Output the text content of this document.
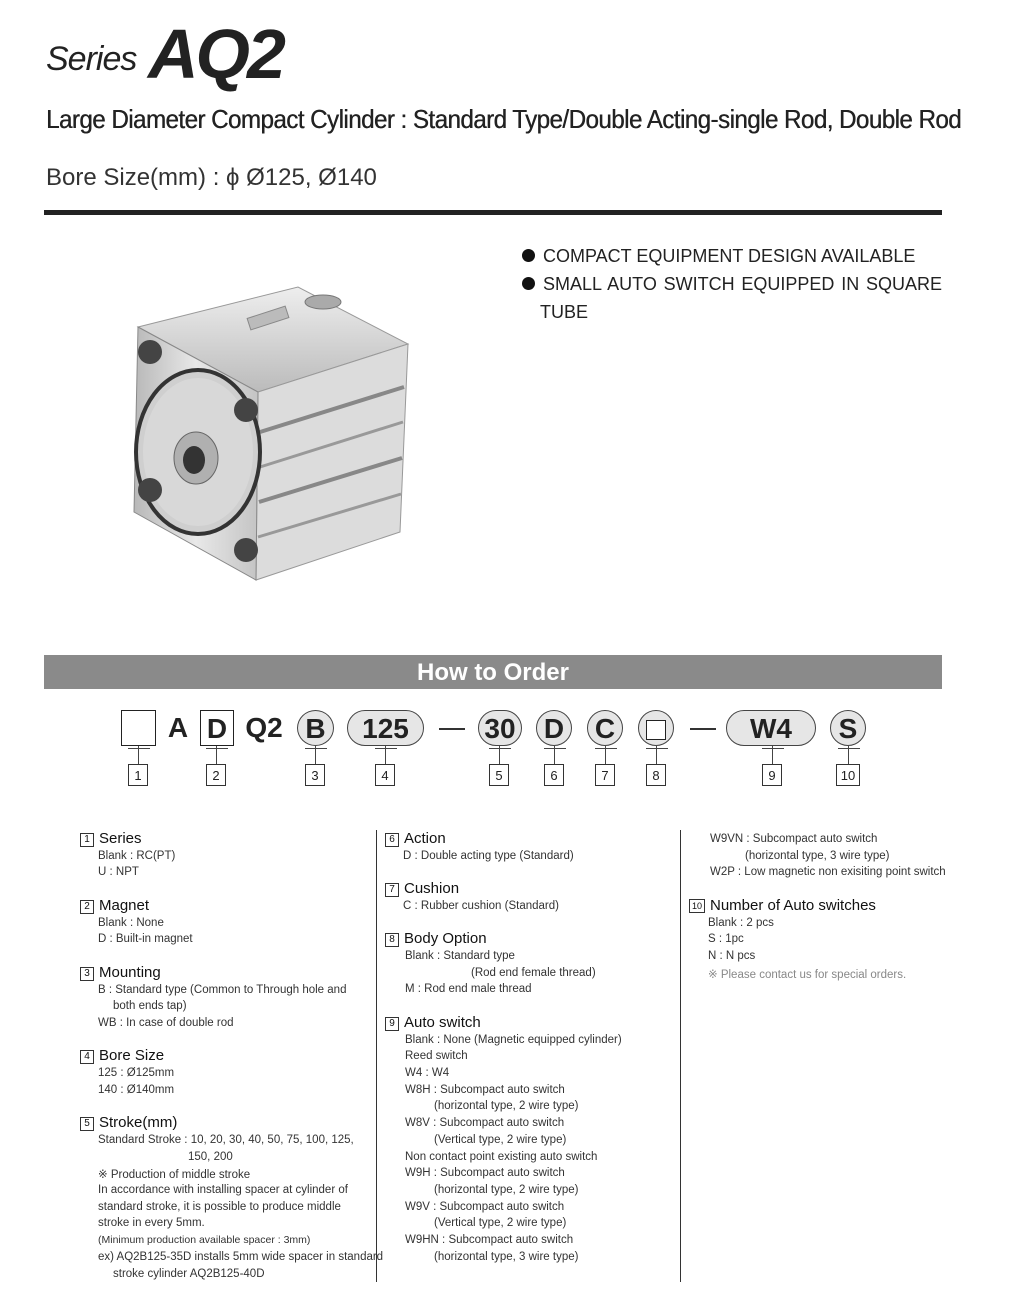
Series AQ2
Large Diameter Compact Cylinder : Standard Type/Double Acting-single Rod, Double Rod
Bore Size(mm) : ϕ Ø125, Ø140
COMPACT EQUIPMENT DESIGN AVAILABLE
SMALL AUTO SWITCH EQUIPPED IN SQUARE
TUBE
How to Order
A D Q2 B	125	30 D C	W4	S
1	2	3	4	5	6	7	8	9	10
1 Series
Blank : RC(PT)
U : NPT
2 Magnet
Blank : None
D : Built-in magnet
3 Mounting
B : Standard type (Common to Through hole and
both ends tap)
WB : In case of double rod
4 Bore Size
125 : Ø125mm
140 : Ø140mm
5 Stroke(mm)
Standard Stroke : 10, 20, 30, 40, 50, 75, 100, 125,
150, 200
※ Production of middle stroke
In accordance with installing spacer at cylinder of
standard stroke, it is possible to produce middle
stroke in every 5mm.
(Minimum production available spacer : 3mm)
ex) AQ2B125-35D installs 5mm wide spacer in standard
stroke cylinder AQ2B125-40D
6 Action
D : Double acting type (Standard)
7 Cushion
C : Rubber cushion (Standard)
8 Body Option
Blank : Standard type
(Rod end female thread)
M : Rod end male thread
9 Auto switch
Blank : None (Magnetic equipped cylinder)
Reed switch
W4 : W4
W8H : Subcompact auto switch
(horizontal type, 2 wire type)
W8V : Subcompact auto switch
(Vertical type, 2 wire type)
Non contact point existing auto switch
W9H : Subcompact auto switch
(horizontal type, 2 wire type)
W9V : Subcompact auto switch
(Vertical type, 2 wire type)
W9HN : Subcompact auto switch
(horizontal type, 3 wire type)
W9VN : Subcompact auto switch
(horizontal type, 3 wire type)
W2P : Low magnetic non exisiting point switch
10 Number of Auto switches
Blank : 2 pcs
S : 1pc
N : N pcs
※ Please contact us for special orders.
